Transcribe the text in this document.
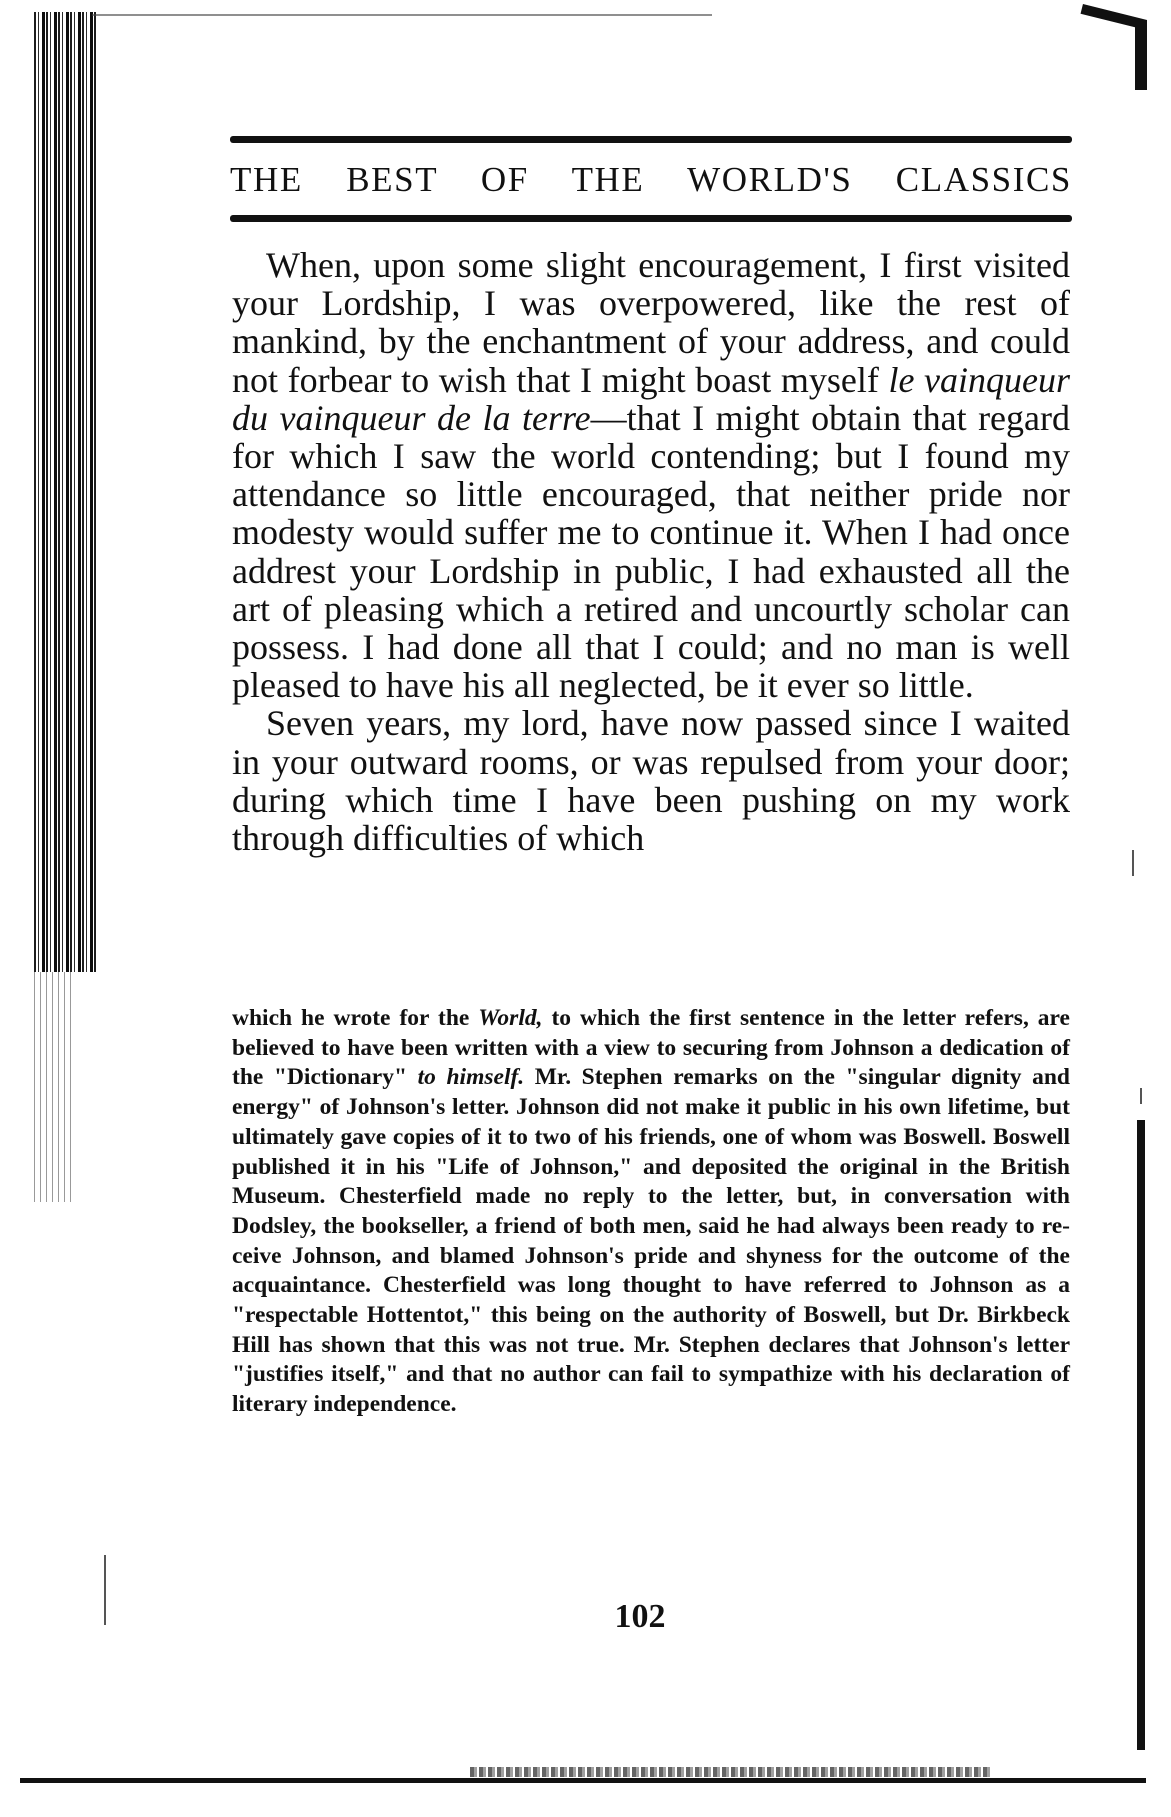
THE BEST OF THE WORLD'S CLASSICS

When, upon some slight encouragement, I first visited your Lordship, I was overpowered, like the rest of mankind, by the enchantment of your address, and could not forbear to wish that I might boast myself le vainqueur du vainqueur de la terre—that I might obtain that regard for which I saw the world contending; but I found my attendance so little encouraged, that neither pride nor modesty would suffer me to continue it. When I had once addrest your Lordship in public, I had exhausted all the art of pleasing which a retired and uncourtly scholar can possess. I had done all that I could; and no man is well pleased to have his all neglected, be it ever so little.

Seven years, my lord, have now passed since I waited in your outward rooms, or was repulsed from your door; during which time I have been pushing on my work through difficulties of which

which he wrote for the World, to which the first sentence in the letter refers, are believed to have been written with a view to securing from Johnson a dedication of the "Dictionary" to himself. Mr. Stephen remarks on the "singular dignity and energy" of Johnson's letter. Johnson did not make it public in his own lifetime, but ultimately gave copies of it to two of his friends, one of whom was Boswell. Boswell published it in his "Life of Johnson," and deposited the original in the British Museum. Chesterfield made no reply to the letter, but, in conversation with Dodsley, the bookseller, a friend of both men, said he had always been ready to receive Johnson, and blamed Johnson's pride and shyness for the outcome of the acquaintance. Chesterfield was long thought to have referred to Johnson as a "respectable Hottentot," this being on the authority of Boswell, but Dr. Birkbeck Hill has shown that this was not true. Mr. Stephen declares that Johnson's letter "justifies itself," and that no author can fail to sympathize with his declaration of literary independence.

102
